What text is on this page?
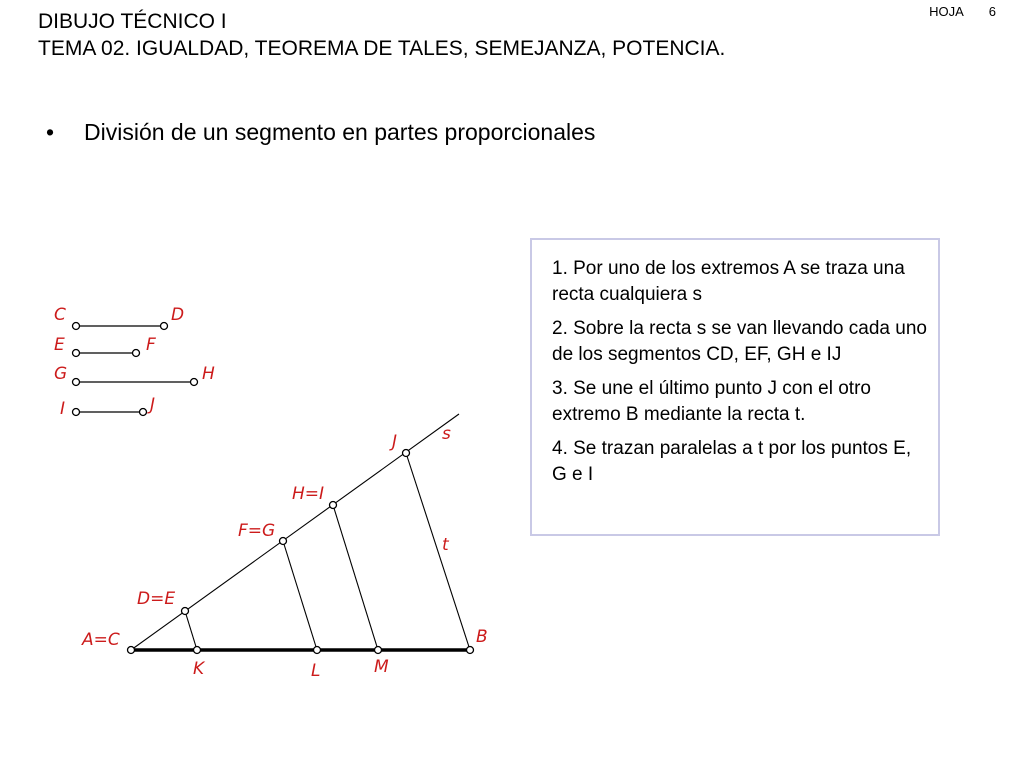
DIBUJO TÉCNICO I
TEMA 02. IGUALDAD, TEOREMA DE TALES, SEMEJANZA, POTENCIA.
HOJA 6
• División de un segmento en partes proporcionales

1. Por uno de los extremos A se traza una recta cualquiera s

2. Sobre la recta s se van llevando cada uno de los segmentos CD, EF, GH e IJ

3. Se une el último punto J con el otro extremo B mediante la recta t.

4. Se trazan paralelas a t por los puntos E, G e I

C	D
E	F
G	H
I	J
A=C
D=E
F=G
H=I
J	s
t
B
K	L	M
